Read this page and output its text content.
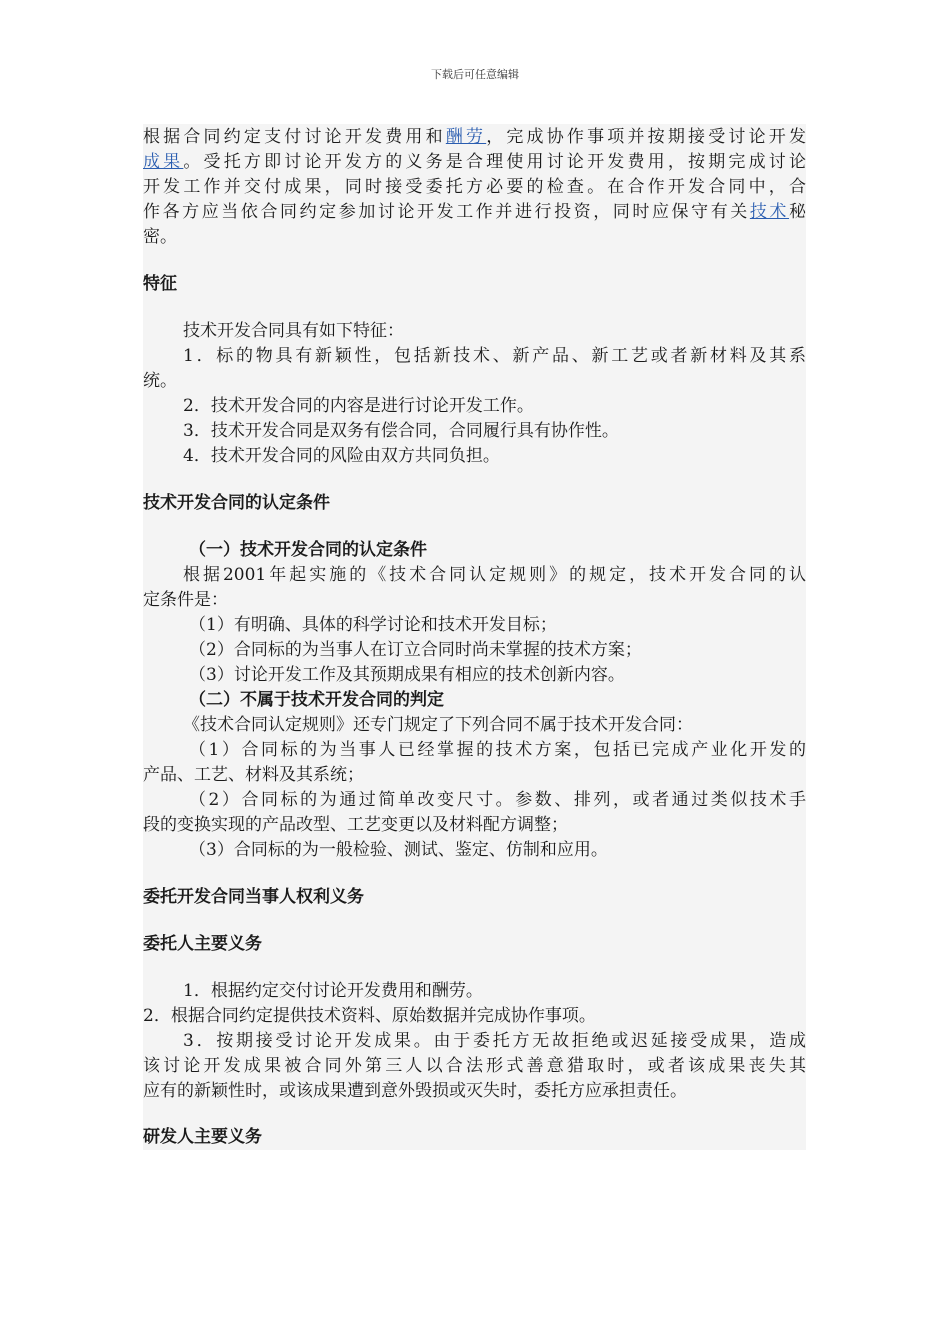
下载后可任意编辑
根据合同约定支付讨论开发费用和酬劳，完成协作事项并按期接受讨论开发
成果。受托方即讨论开发方的义务是合理使用讨论开发费用，按期完成讨论
开发工作并交付成果，同时接受委托方必要的检查。在合作开发合同中，合
作各方应当依合同约定参加讨论开发工作并进行投资，同时应保守有关技术秘
密。
特征
技术开发合同具有如下特征：
1．标的物具有新颖性，包括新技术、新产品、新工艺或者新材料及其系
统。
2．技术开发合同的内容是进行讨论开发工作。
3．技术开发合同是双务有偿合同，合同履行具有协作性。
4．技术开发合同的风险由双方共同负担。
技术开发合同的认定条件
（一）技术开发合同的认定条件
根据2001年起实施的《技术合同认定规则》的规定，技术开发合同的认
定条件是：
（1）有明确、具体的科学讨论和技术开发目标；
（2）合同标的为当事人在订立合同时尚未掌握的技术方案；
（3）讨论开发工作及其预期成果有相应的技术创新内容。
（二）不属于技术开发合同的判定
《技术合同认定规则》还专门规定了下列合同不属于技术开发合同：
（1）合同标的为当事人已经掌握的技术方案，包括已完成产业化开发的
产品、工艺、材料及其系统；
（2）合同标的为通过简单改变尺寸。参数、排列，或者通过类似技术手
段的变换实现的产品改型、工艺变更以及材料配方调整；
（3）合同标的为一般检验、测试、鉴定、仿制和应用。
委托开发合同当事人权利义务
委托人主要义务
1．根据约定交付讨论开发费用和酬劳。
2．根据合同约定提供技术资料、原始数据并完成协作事项。
3．按期接受讨论开发成果。由于委托方无故拒绝或迟延接受成果，造成
该讨论开发成果被合同外第三人以合法形式善意猎取时，或者该成果丧失其
应有的新颖性时，或该成果遭到意外毁损或灭失时，委托方应承担责任。
研发人主要义务
